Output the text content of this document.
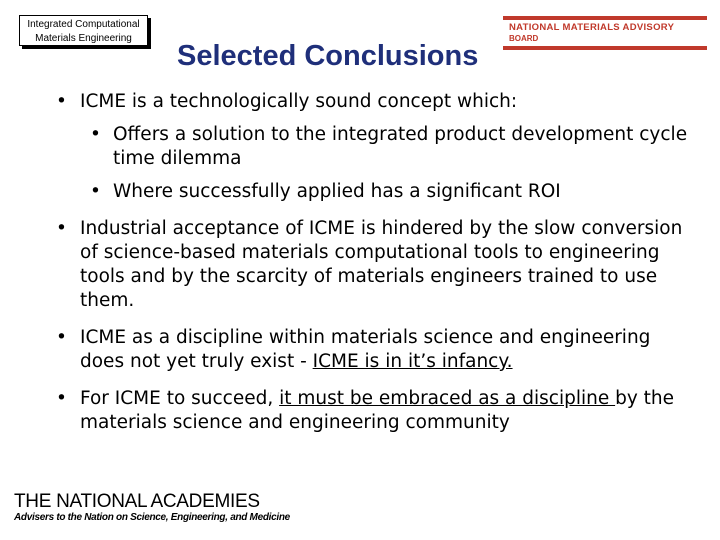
Integrated Computational
Materials Engineering
NATIONAL MATERIALS ADVISORY
BOARD
Selected Conclusions
• ICME is a technologically sound concept which:
• Offers a solution to the integrated product development cycle time dilemma
• Where successfully applied has a significant ROI
• Industrial acceptance of ICME is hindered by the slow conversion of science-based materials computational tools to engineering tools and by the scarcity of materials engineers trained to use them.
• ICME as a discipline within materials science and engineering does not yet truly exist - ICME is in it’s infancy.
• For ICME to succeed, it must be embraced as a discipline by the materials science and engineering community
THE NATIONAL ACADEMIES
Advisers to the Nation on Science, Engineering, and Medicine
